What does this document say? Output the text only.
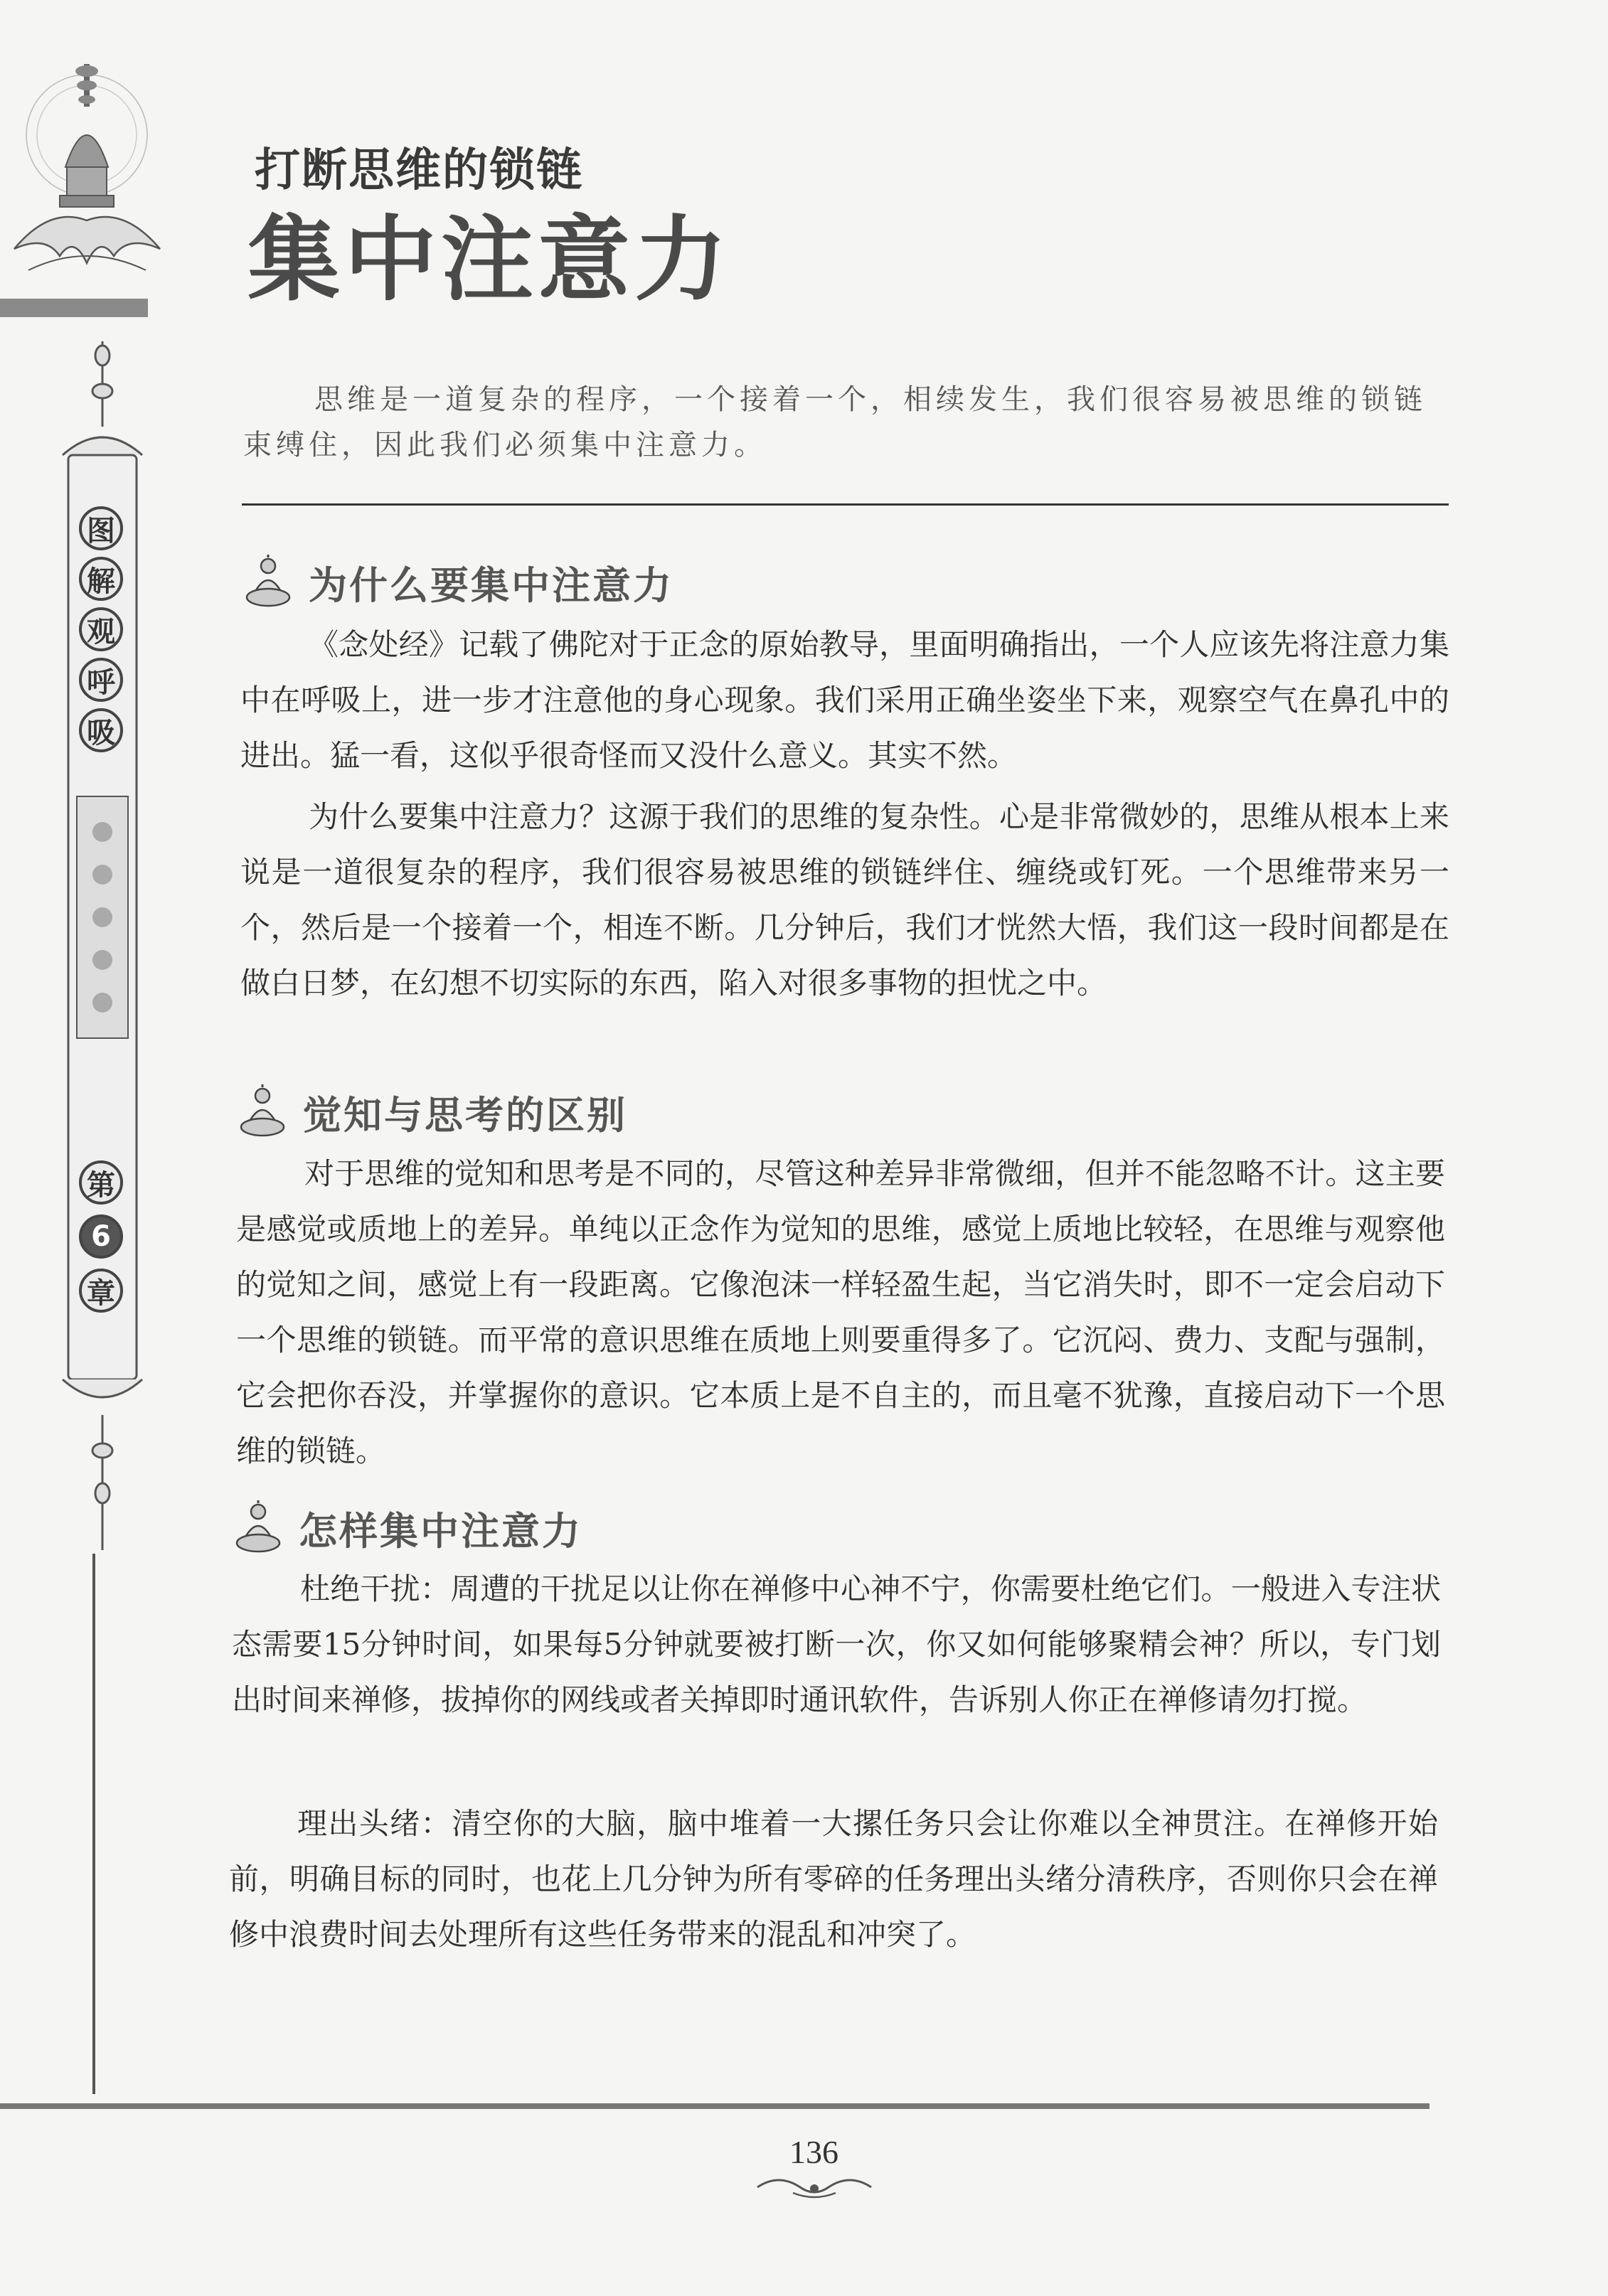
图
解
观
呼
吸
第
6
章
打断思维的锁链
集中注意力
思维是一道复杂的程序，一个接着一个，相续发生，我们很容易被思维的锁链束缚住，因此我们必须集中注意力。
为什么要集中注意力
《念处经》记载了佛陀对于正念的原始教导，里面明确指出，一个人应该先将注意力集中在呼吸上，进一步才注意他的身心现象。我们采用正确坐姿坐下来，观察空气在鼻孔中的进出。猛一看，这似乎很奇怪而又没什么意义。其实不然。
为什么要集中注意力？这源于我们的思维的复杂性。心是非常微妙的，思维从根本上来说是一道很复杂的程序，我们很容易被思维的锁链绊住、缠绕或钉死。一个思维带来另一个，然后是一个接着一个，相连不断。几分钟后，我们才恍然大悟，我们这一段时间都是在做白日梦，在幻想不切实际的东西，陷入对很多事物的担忧之中。
觉知与思考的区别
对于思维的觉知和思考是不同的，尽管这种差异非常微细，但并不能忽略不计。这主要是感觉或质地上的差异。单纯以正念作为觉知的思维，感觉上质地比较轻，在思维与观察他的觉知之间，感觉上有一段距离。它像泡沫一样轻盈生起，当它消失时，即不一定会启动下一个思维的锁链。而平常的意识思维在质地上则要重得多了。它沉闷、费力、支配与强制，它会把你吞没，并掌握你的意识。它本质上是不自主的，而且毫不犹豫，直接启动下一个思维的锁链。
怎样集中注意力
杜绝干扰：周遭的干扰足以让你在禅修中心神不宁，你需要杜绝它们。一般进入专注状态需要15分钟时间，如果每5分钟就要被打断一次，你又如何能够聚精会神？所以，专门划出时间来禅修，拔掉你的网线或者关掉即时通讯软件，告诉别人你正在禅修请勿打搅。
理出头绪：清空你的大脑，脑中堆着一大摞任务只会让你难以全神贯注。在禅修开始前，明确目标的同时，也花上几分钟为所有零碎的任务理出头绪分清秩序，否则你只会在禅修中浪费时间去处理所有这些任务带来的混乱和冲突了。
136
